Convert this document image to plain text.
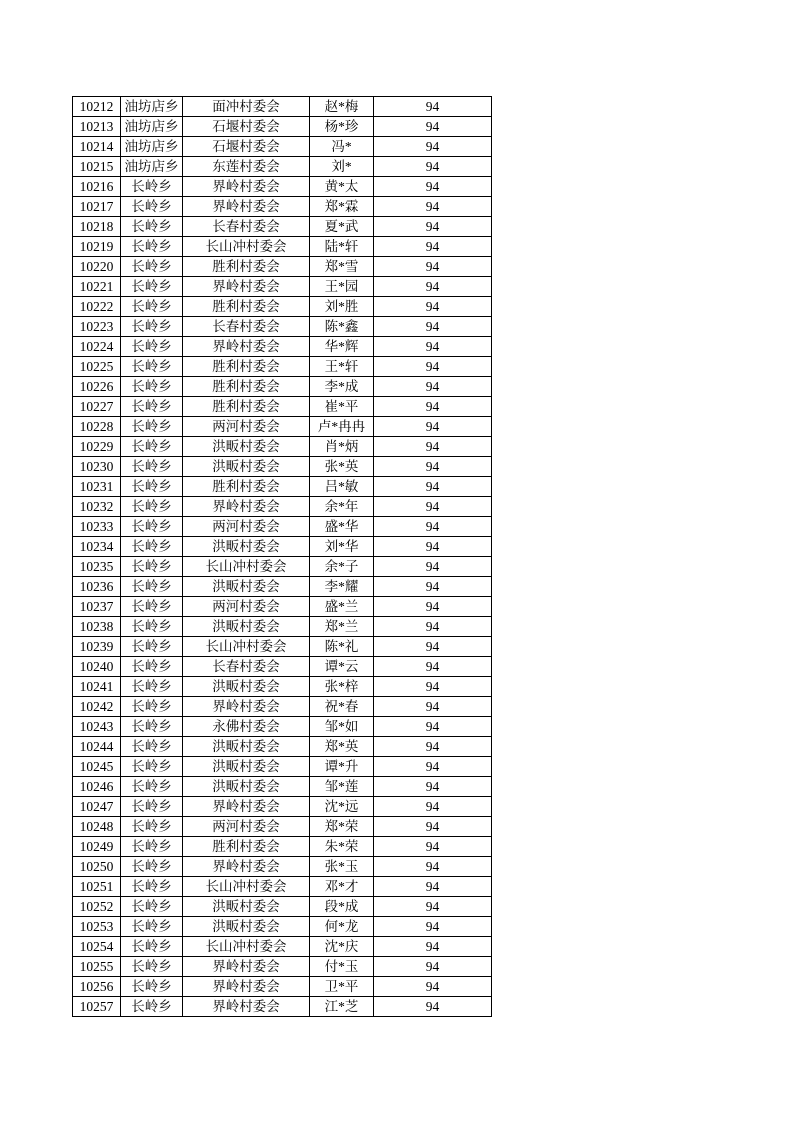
10212	油坊店乡	面冲村委会	赵*梅	94
10213	油坊店乡	石堰村委会	杨*珍	94
10214	油坊店乡	石堰村委会	冯*	94
10215	油坊店乡	东莲村委会	刘*	94
10216	长岭乡	界岭村委会	黄*太	94
10217	长岭乡	界岭村委会	郑*霖	94
10218	长岭乡	长春村委会	夏*武	94
10219	长岭乡	长山冲村委会	陆*轩	94
10220	长岭乡	胜利村委会	郑*雪	94
10221	长岭乡	界岭村委会	王*园	94
10222	长岭乡	胜利村委会	刘*胜	94
10223	长岭乡	长春村委会	陈*鑫	94
10224	长岭乡	界岭村委会	华*辉	94
10225	长岭乡	胜利村委会	王*轩	94
10226	长岭乡	胜利村委会	李*成	94
10227	长岭乡	胜利村委会	崔*平	94
10228	长岭乡	两河村委会	卢*冉冉	94
10229	长岭乡	洪畈村委会	肖*炳	94
10230	长岭乡	洪畈村委会	张*英	94
10231	长岭乡	胜利村委会	吕*敏	94
10232	长岭乡	界岭村委会	余*年	94
10233	长岭乡	两河村委会	盛*华	94
10234	长岭乡	洪畈村委会	刘*华	94
10235	长岭乡	长山冲村委会	余*子	94
10236	长岭乡	洪畈村委会	李*耀	94
10237	长岭乡	两河村委会	盛*兰	94
10238	长岭乡	洪畈村委会	郑*兰	94
10239	长岭乡	长山冲村委会	陈*礼	94
10240	长岭乡	长春村委会	谭*云	94
10241	长岭乡	洪畈村委会	张*梓	94
10242	长岭乡	界岭村委会	祝*春	94
10243	长岭乡	永佛村委会	邹*如	94
10244	长岭乡	洪畈村委会	郑*英	94
10245	长岭乡	洪畈村委会	谭*升	94
10246	长岭乡	洪畈村委会	邹*莲	94
10247	长岭乡	界岭村委会	沈*远	94
10248	长岭乡	两河村委会	郑*荣	94
10249	长岭乡	胜利村委会	朱*荣	94
10250	长岭乡	界岭村委会	张*玉	94
10251	长岭乡	长山冲村委会	邓*才	94
10252	长岭乡	洪畈村委会	段*成	94
10253	长岭乡	洪畈村委会	何*龙	94
10254	长岭乡	长山冲村委会	沈*庆	94
10255	长岭乡	界岭村委会	付*玉	94
10256	长岭乡	界岭村委会	卫*平	94
10257	长岭乡	界岭村委会	江*芝	94
